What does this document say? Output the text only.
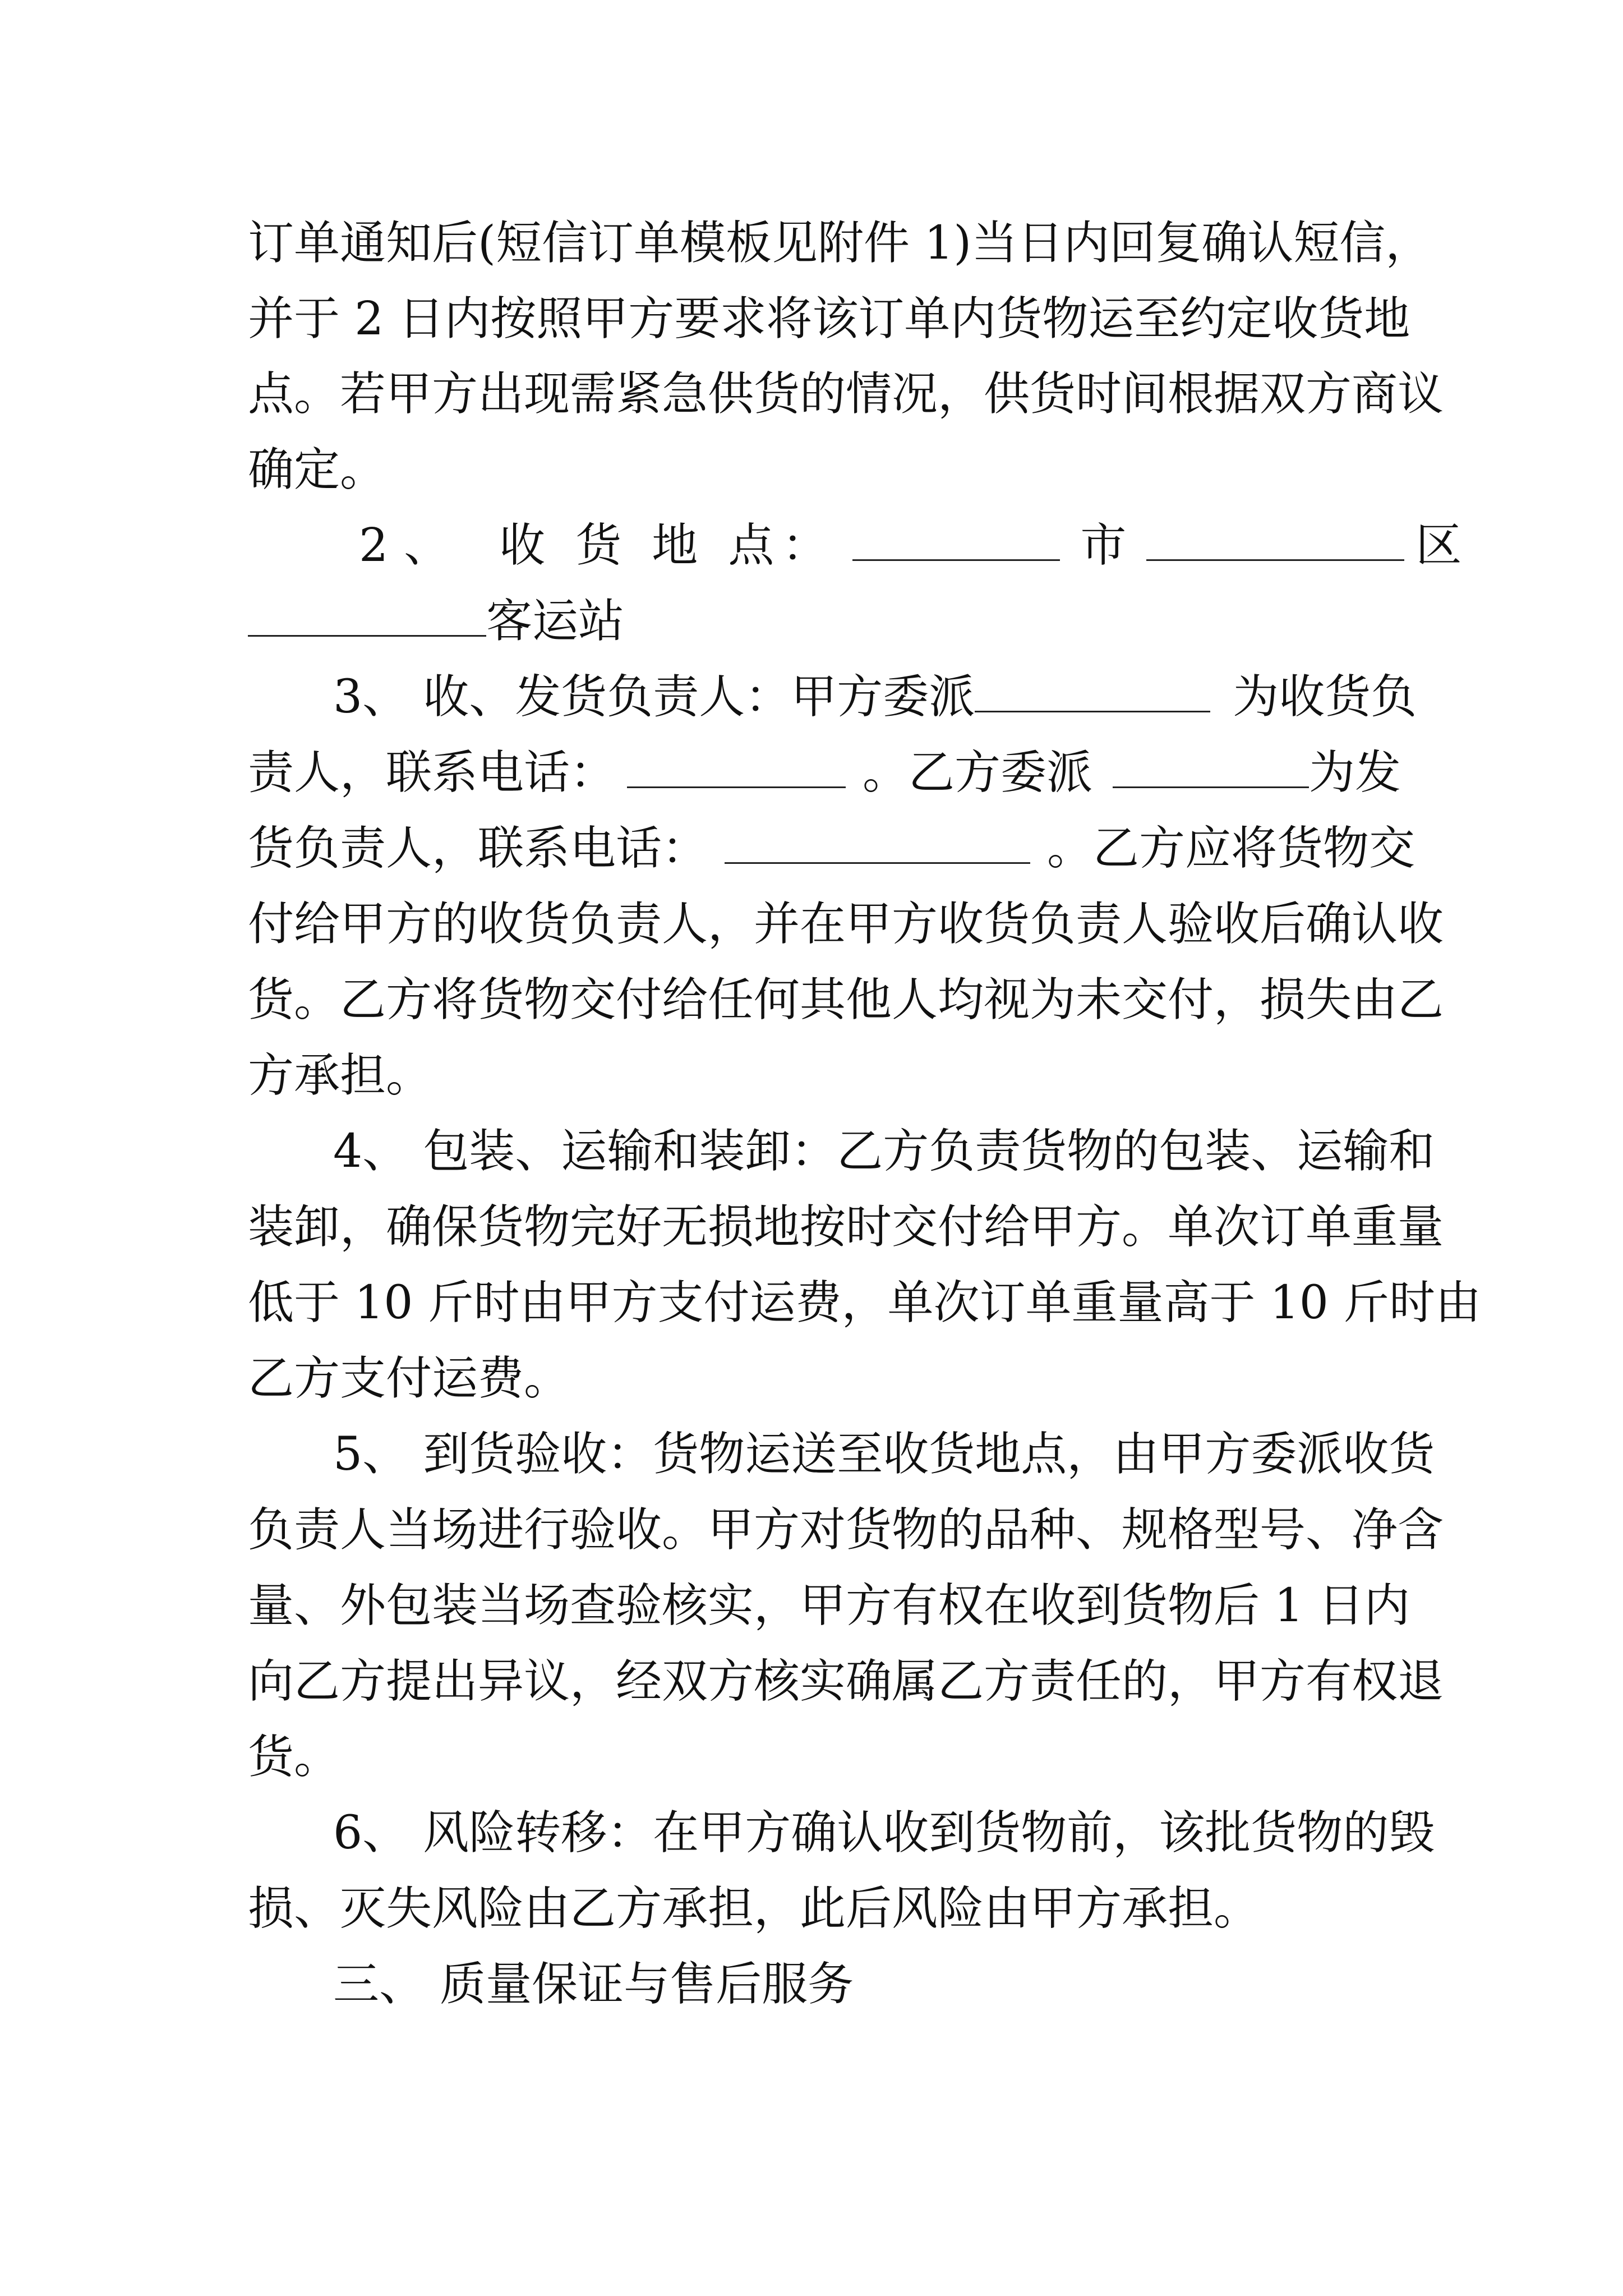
订单通知后(短信订单模板见附件 1)当日内回复确认短信，
并于 2 日内按照甲方要求将该订单内货物运至约定收货地
点。若甲方出现需紧急供货的情况，供货时间根据双方商议
确定。
2、 收 货 地 点：	市	区
客运站
3、 收、发货负责人：甲方委派	为收货负
责人，联系电话：	。乙方委派	为发
货负责人，联系电话：	。乙方应将货物交
付给甲方的收货负责人，并在甲方收货负责人验收后确认收
货。乙方将货物交付给任何其他人均视为未交付，损失由乙
方承担。
4、 包装、运输和装卸：乙方负责货物的包装、运输和
装卸，确保货物完好无损地按时交付给甲方。单次订单重量
低于 10 斤时由甲方支付运费，单次订单重量高于 10 斤时由
乙方支付运费。
5、 到货验收：货物运送至收货地点，由甲方委派收货
负责人当场进行验收。甲方对货物的品种、规格型号、净含
量、外包装当场查验核实，甲方有权在收到货物后 1 日内
向乙方提出异议，经双方核实确属乙方责任的，甲方有权退
货。
6、 风险转移：在甲方确认收到货物前，该批货物的毁
损、灭失风险由乙方承担，此后风险由甲方承担。
三、 质量保证与售后服务
